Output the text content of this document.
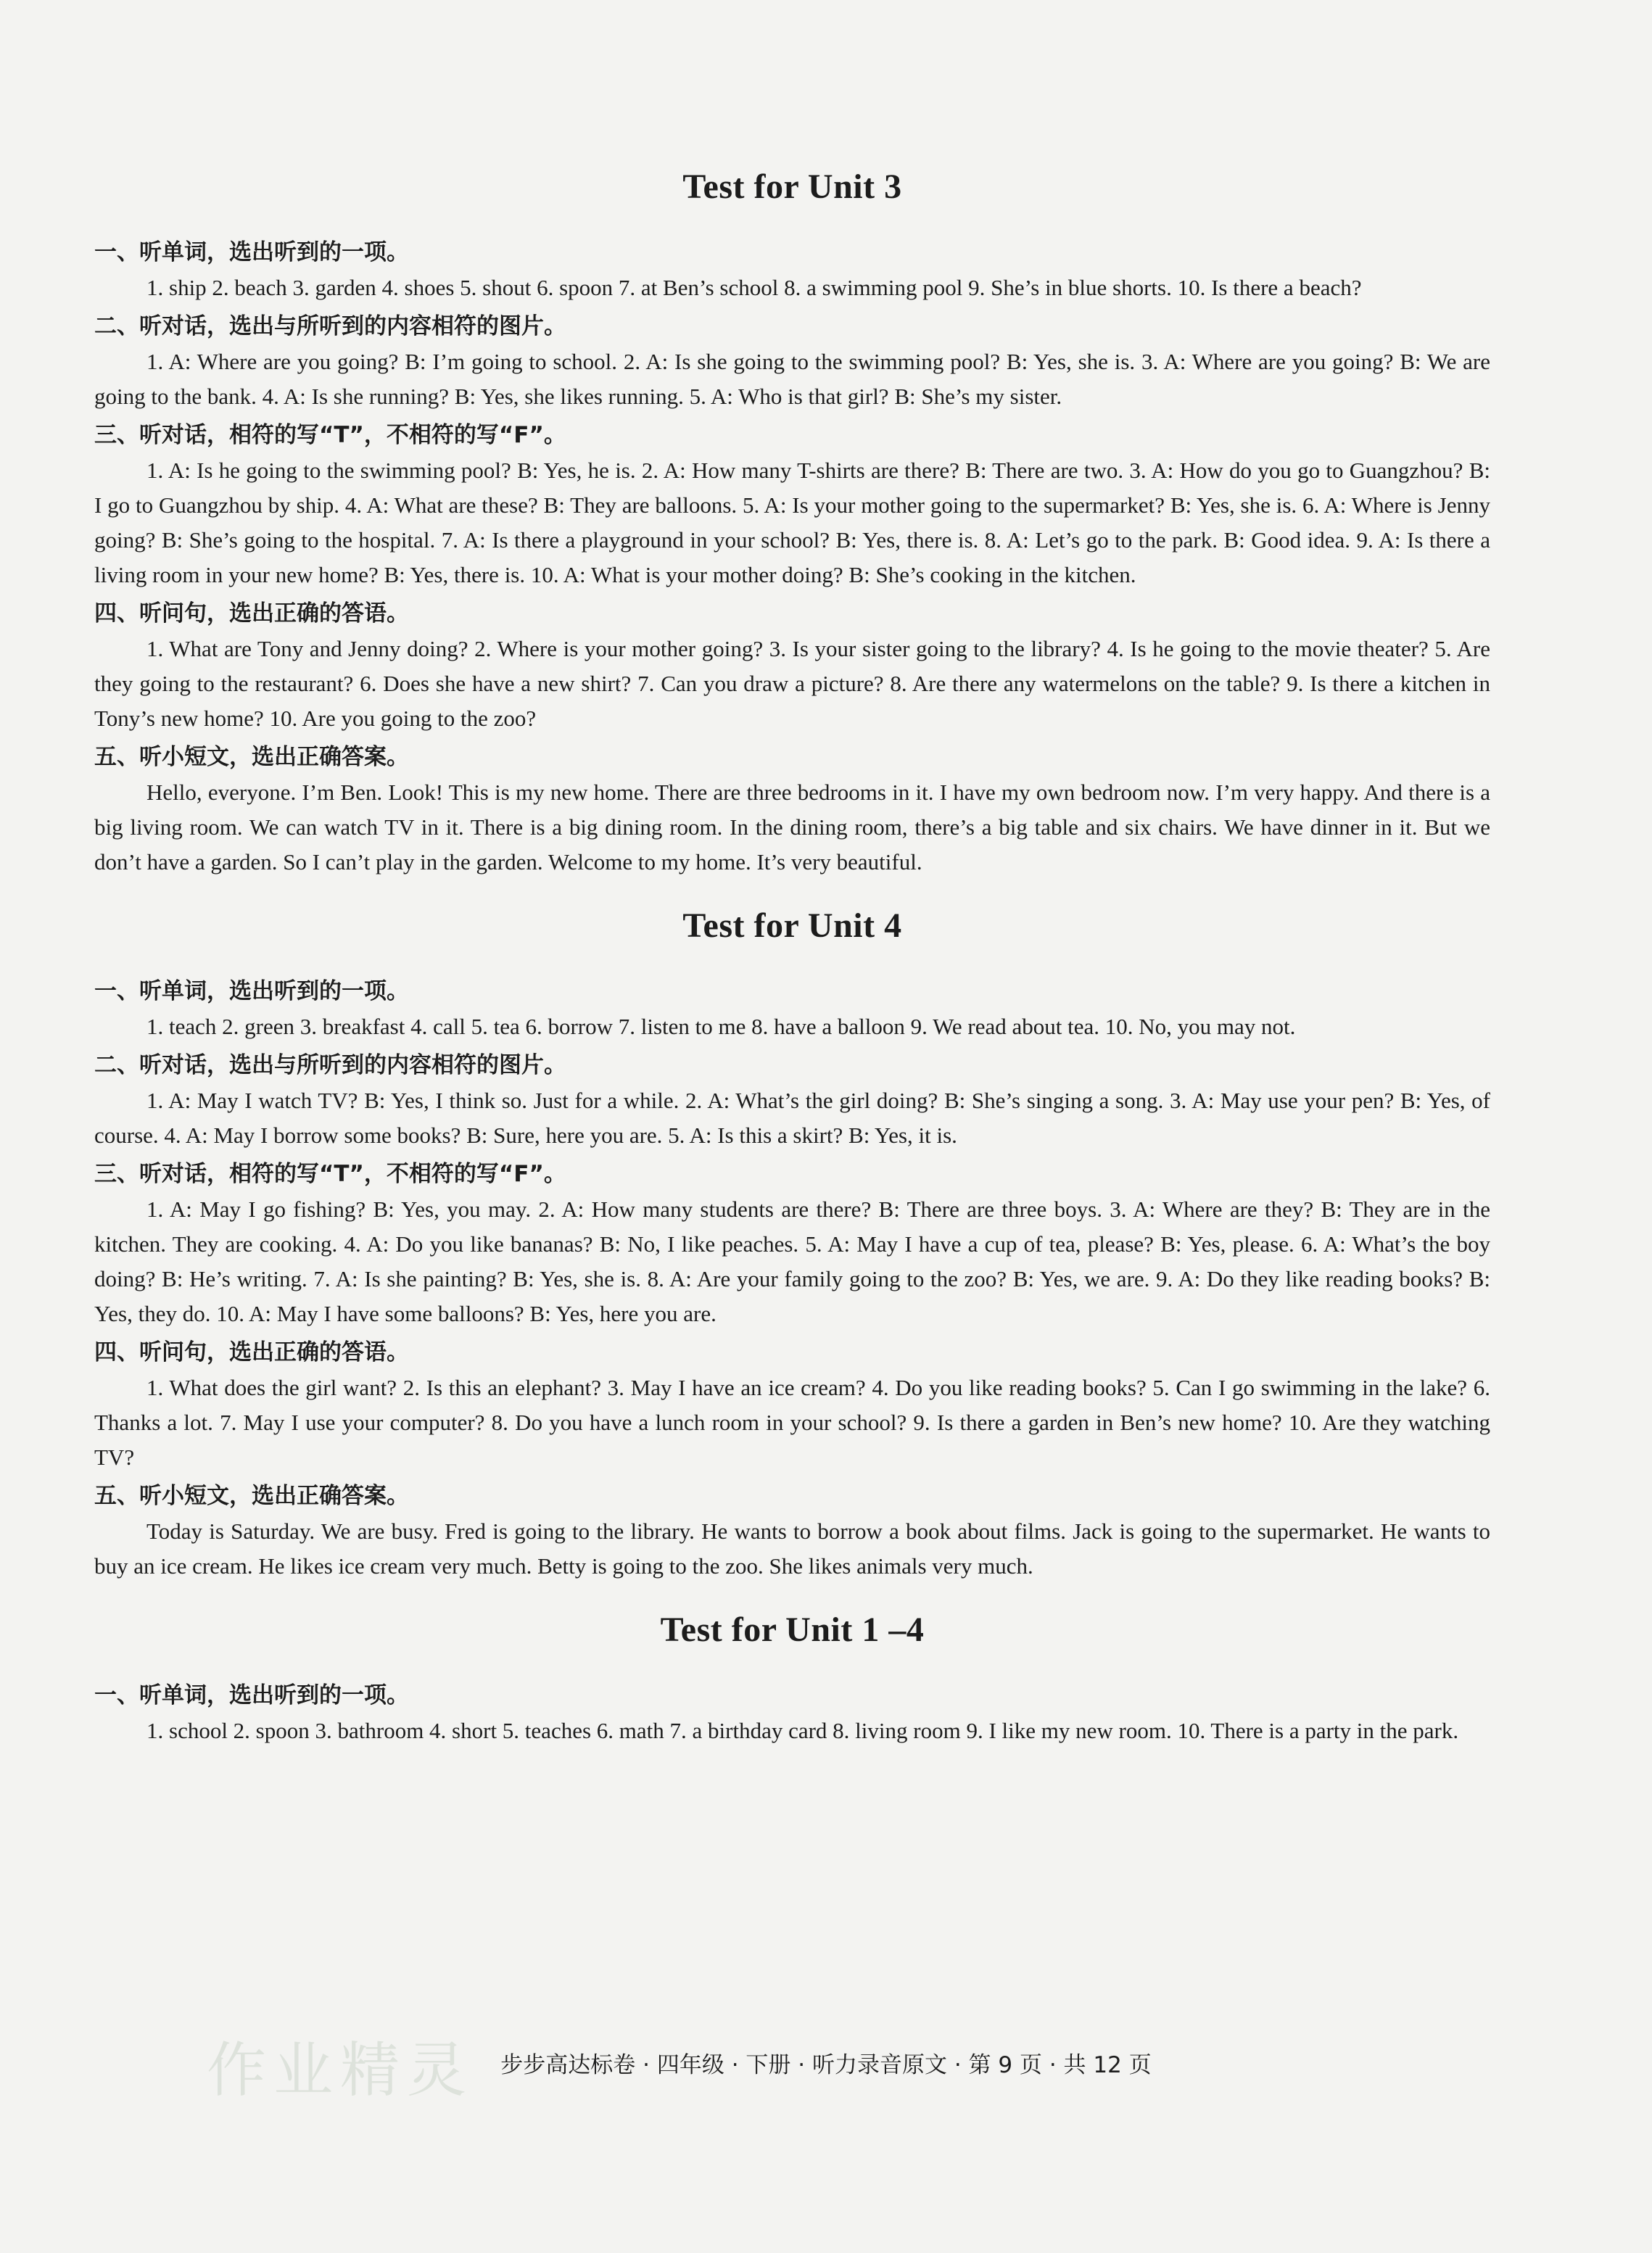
Test for Unit 3

一、听单词，选出听到的一项。

1. ship 2. beach 3. garden 4. shoes 5. shout 6. spoon 7. at Ben’s school 8. a swimming pool 9. She’s in blue shorts. 10. Is there a beach?

二、听对话，选出与所听到的内容相符的图片。

1. A: Where are you going? B: I’m going to school. 2. A: Is she going to the swimming pool? B: Yes, she is. 3. A: Where are you going? B: We are going to the bank. 4. A: Is she running? B: Yes, she likes running. 5. A: Who is that girl? B: She’s my sister.

三、听对话，相符的写“T”，不相符的写“F”。

1. A: Is he going to the swimming pool? B: Yes, he is. 2. A: How many T-shirts are there? B: There are two. 3. A: How do you go to Guangzhou? B: I go to Guangzhou by ship. 4. A: What are these? B: They are balloons. 5. A: Is your mother going to the supermarket? B: Yes, she is. 6. A: Where is Jenny going? B: She’s going to the hospital. 7. A: Is there a playground in your school? B: Yes, there is. 8. A: Let’s go to the park. B: Good idea. 9. A: Is there a living room in your new home? B: Yes, there is. 10. A: What is your mother doing? B: She’s cooking in the kitchen.

四、听问句，选出正确的答语。

1. What are Tony and Jenny doing? 2. Where is your mother going? 3. Is your sister going to the library? 4. Is he going to the movie theater? 5. Are they going to the restaurant? 6. Does she have a new shirt? 7. Can you draw a picture? 8. Are there any watermelons on the table? 9. Is there a kitchen in Tony’s new home? 10. Are you going to the zoo?

五、听小短文，选出正确答案。

Hello, everyone. I’m Ben. Look! This is my new home. There are three bedrooms in it. I have my own bedroom now. I’m very happy. And there is a big living room. We can watch TV in it. There is a big dining room. In the dining room, there’s a big table and six chairs. We have dinner in it. But we don’t have a garden. So I can’t play in the garden. Welcome to my home. It’s very beautiful.

Test for Unit 4

一、听单词，选出听到的一项。

1. teach 2. green 3. breakfast 4. call 5. tea 6. borrow 7. listen to me 8. have a balloon 9. We read about tea. 10. No, you may not.

二、听对话，选出与所听到的内容相符的图片。

1. A: May I watch TV? B: Yes, I think so. Just for a while. 2. A: What’s the girl doing? B: She’s singing a song. 3. A: May use your pen? B: Yes, of course. 4. A: May I borrow some books? B: Sure, here you are. 5. A: Is this a skirt? B: Yes, it is.

三、听对话，相符的写“T”，不相符的写“F”。

1. A: May I go fishing? B: Yes, you may. 2. A: How many students are there? B: There are three boys. 3. A: Where are they? B: They are in the kitchen. They are cooking. 4. A: Do you like bananas? B: No, I like peaches. 5. A: May I have a cup of tea, please? B: Yes, please. 6. A: What’s the boy doing? B: He’s writing. 7. A: Is she painting? B: Yes, she is. 8. A: Are your family going to the zoo? B: Yes, we are. 9. A: Do they like reading books? B: Yes, they do. 10. A: May I have some balloons? B: Yes, here you are.

四、听问句，选出正确的答语。

1. What does the girl want? 2. Is this an elephant? 3. May I have an ice cream? 4. Do you like reading books? 5. Can I go swimming in the lake? 6. Thanks a lot. 7. May I use your computer? 8. Do you have a lunch room in your school? 9. Is there a garden in Ben’s new home? 10. Are they watching TV?

五、听小短文，选出正确答案。

Today is Saturday. We are busy. Fred is going to the library. He wants to borrow a book about films. Jack is going to the supermarket. He wants to buy an ice cream. He likes ice cream very much. Betty is going to the zoo. She likes animals very much.

Test for Unit 1 –4

一、听单词，选出听到的一项。

1. school 2. spoon 3. bathroom 4. short 5. teaches 6. math 7. a birthday card 8. living room 9. I like my new room. 10. There is a party in the park.

作业精灵	步步高达标卷 · 四年级 · 下册 · 听力录音原文 · 第 9 页 · 共 12 页
